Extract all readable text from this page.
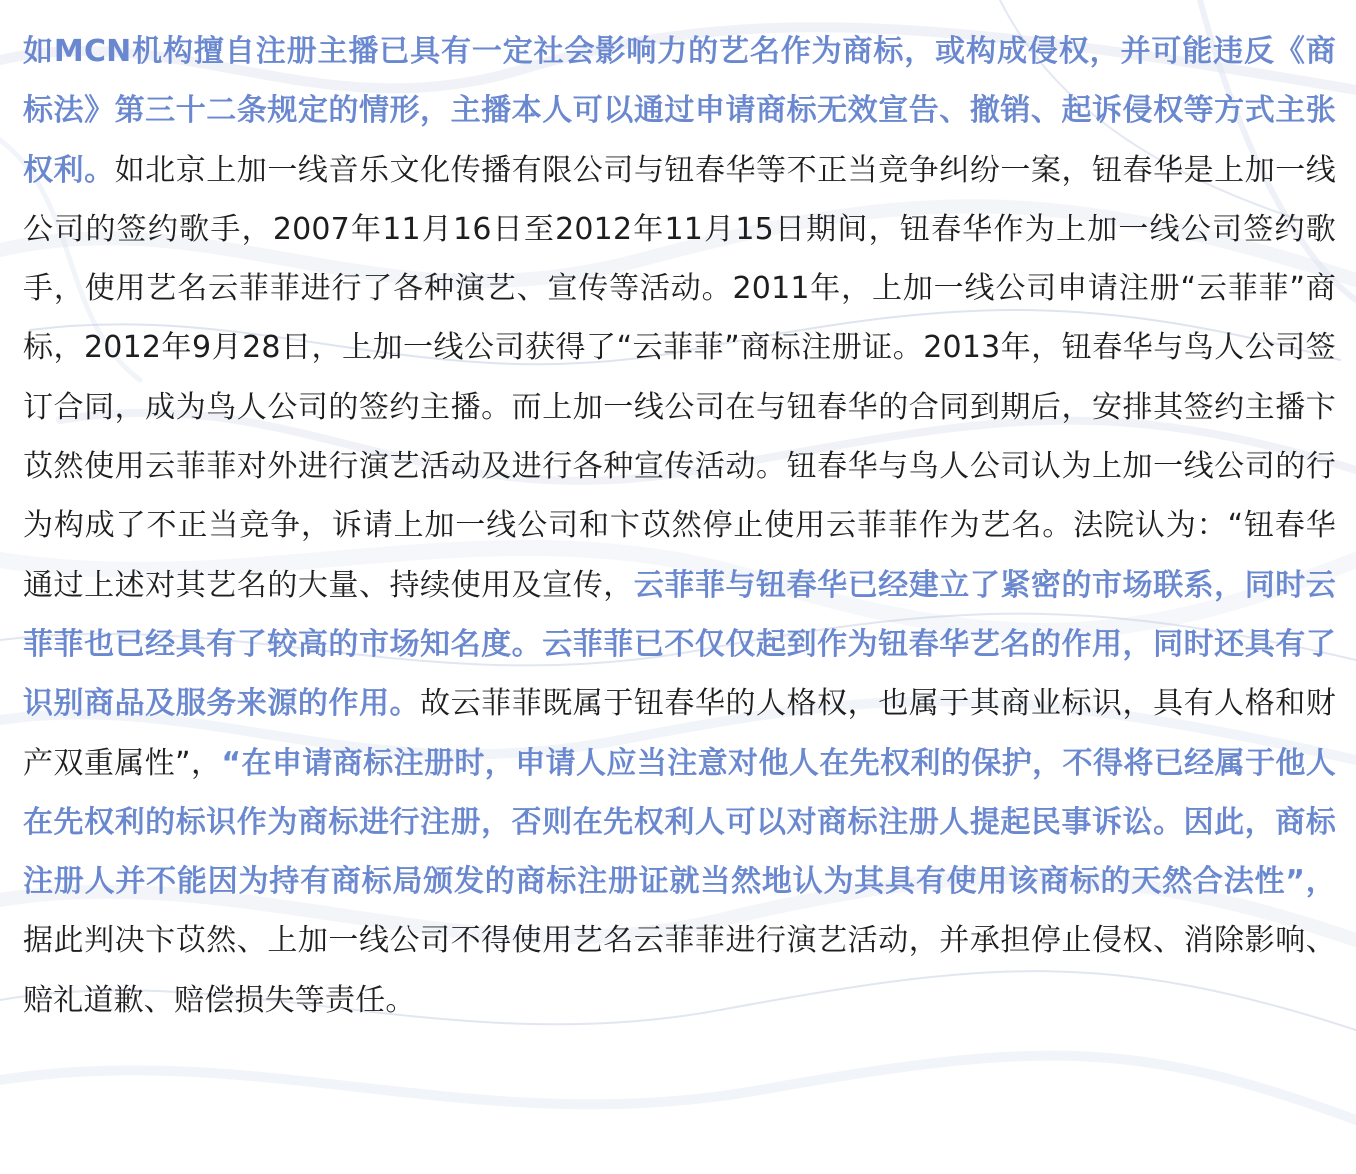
如MCN机构擅自注册主播已具有一定社会影响力的艺名作为商标，或构成侵权，并可能违反《商标法》第三十二条规定的情形，主播本人可以通过申请商标无效宣告、撤销、起诉侵权等方式主张权利。如北京上加一线音乐文化传播有限公司与钮春华等不正当竞争纠纷一案，钮春华是上加一线公司的签约歌手，2007年11月16日至2012年11月15日期间，钮春华作为上加一线公司签约歌手，使用艺名云菲菲进行了各种演艺、宣传等活动。2011年，上加一线公司申请注册“云菲菲”商标，2012年9月28日，上加一线公司获得了“云菲菲”商标注册证。2013年，钮春华与鸟人公司签订合同，成为鸟人公司的签约主播。而上加一线公司在与钮春华的合同到期后，安排其签约主播卞苡然使用云菲菲对外进行演艺活动及进行各种宣传活动。钮春华与鸟人公司认为上加一线公司的行为构成了不正当竞争，诉请上加一线公司和卞苡然停止使用云菲菲作为艺名。法院认为：“钮春华通过上述对其艺名的大量、持续使用及宣传，云菲菲与钮春华已经建立了紧密的市场联系，同时云菲菲也已经具有了较高的市场知名度。云菲菲已不仅仅起到作为钮春华艺名的作用，同时还具有了识别商品及服务来源的作用。故云菲菲既属于钮春华的人格权，也属于其商业标识，具有人格和财产双重属性”，“在申请商标注册时，申请人应当注意对他人在先权利的保护，不得将已经属于他人在先权利的标识作为商标进行注册，否则在先权利人可以对商标注册人提起民事诉讼。因此，商标注册人并不能因为持有商标局颁发的商标注册证就当然地认为其具有使用该商标的天然合法性”，据此判决卞苡然、上加一线公司不得使用艺名云菲菲进行演艺活动，并承担停止侵权、消除影响、赔礼道歉、赔偿损失等责任。
